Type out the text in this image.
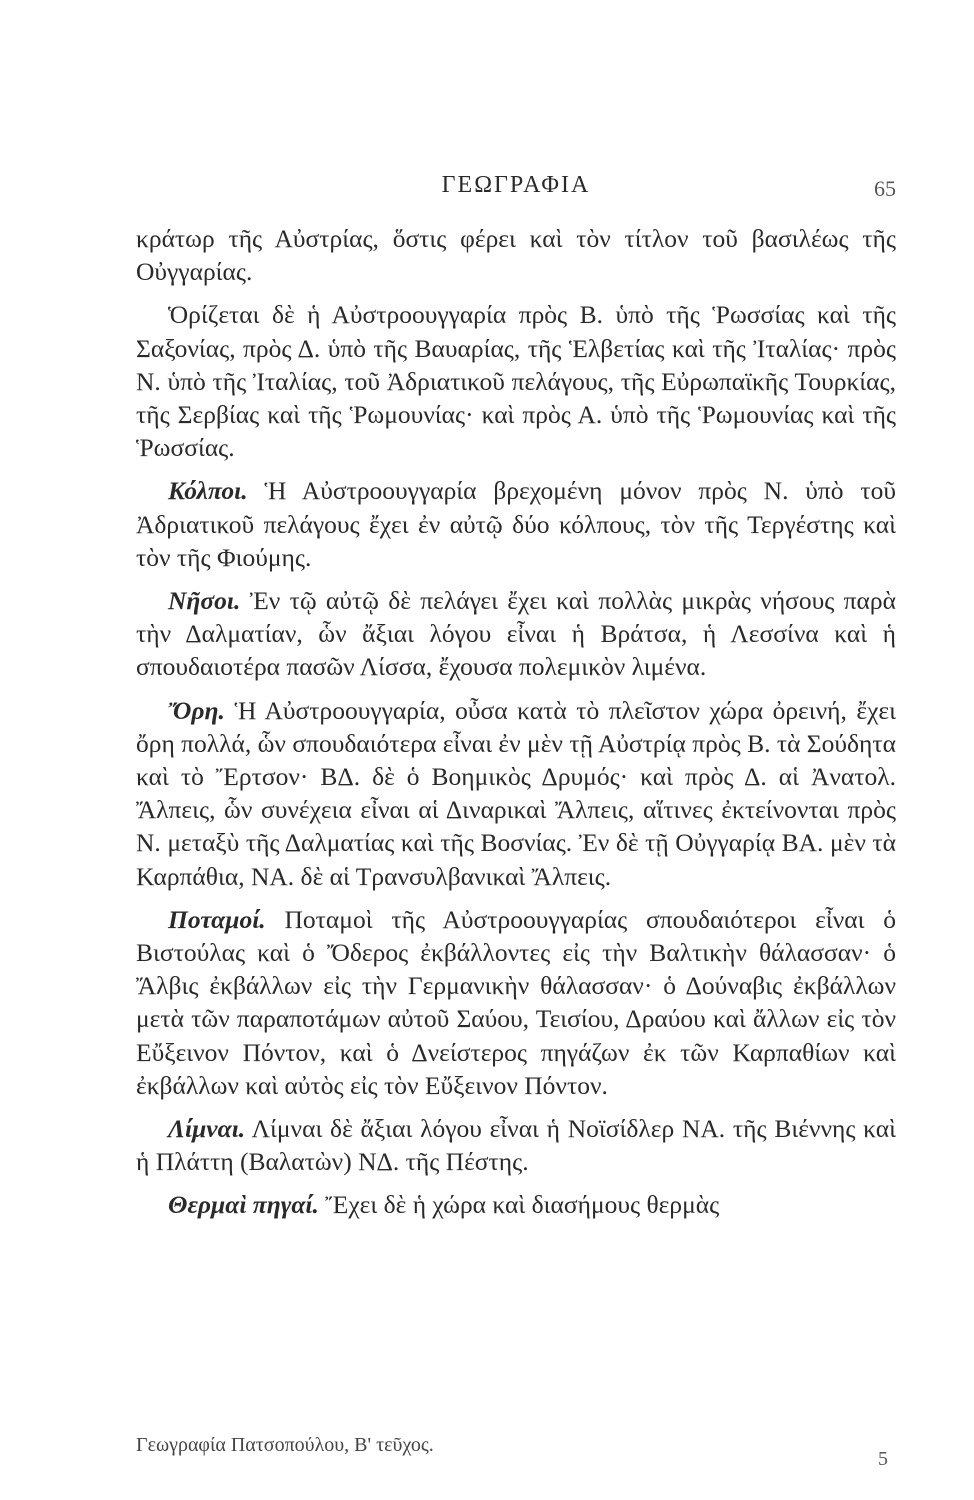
ΓΕΩΓΡΑΦΙΑ	65

κράτωρ τῆς Αὐστρίας, ὅστις φέρει καὶ τὸν τίτλον τοῦ βασιλέως τῆς Οὐγγαρίας.

Ὁρίζεται δὲ ἡ Αὐστροουγγαρία πρὸς Β. ὑπὸ τῆς Ῥωσσίας καὶ τῆς Σαξονίας, πρὸς Δ. ὑπὸ τῆς Βαυαρίας, τῆς Ἑλβετίας καὶ τῆς Ἰταλίας· πρὸς Ν. ὑπὸ τῆς Ἰταλίας, τοῦ Ἀδριατικοῦ πελάγους, τῆς Εὐρωπαϊκῆς Τουρκίας, τῆς Σερβίας καὶ τῆς Ῥωμουνίας· καὶ πρὸς Α. ὑπὸ τῆς Ῥωμουνίας καὶ τῆς Ῥωσσίας.

Κόλποι. Ἡ Αὐστροουγγαρία βρεχομένη μόνον πρὸς Ν. ὑπὸ τοῦ Ἀδριατικοῦ πελάγους ἔχει ἐν αὐτῷ δύο κόλπους, τὸν τῆς Τεργέστης καὶ τὸν τῆς Φιούμης.

Νῆσοι. Ἐν τῷ αὐτῷ δὲ πελάγει ἔχει καὶ πολλὰς μικρὰς νήσους παρὰ τὴν Δαλματίαν, ὧν ἄξιαι λόγου εἶναι ἡ Βράτσα, ἡ Λεσσίνα καὶ ἡ σπουδαιοτέρα πασῶν Λίσσα, ἔχουσα πολεμικὸν λιμένα.

Ὄρη. Ἡ Αὐστροουγγαρία, οὖσα κατὰ τὸ πλεῖστον χώρα ὀρεινή, ἔχει ὄρη πολλά, ὧν σπουδαιότερα εἶναι ἐν μὲν τῇ Αὐστρίᾳ πρὸς Β. τὰ Σούδητα καὶ τὸ Ἔρτσον· ΒΔ. δὲ ὁ Βοημικὸς Δρυμός· καὶ πρὸς Δ. αἱ Ἀνατολ. Ἄλπεις, ὧν συνέχεια εἶναι αἱ Διναρικαὶ Ἄλπεις, αἵτινες ἐκτείνονται πρὸς Ν. μεταξὺ τῆς Δαλματίας καὶ τῆς Βοσνίας. Ἐν δὲ τῇ Οὐγγαρίᾳ ΒΑ. μὲν τὰ Καρπάθια, ΝΑ. δὲ αἱ Τρανσυλβανικαὶ Ἄλπεις.

Ποταμοί. Ποταμοὶ τῆς Αὐστροουγγαρίας σπουδαιότεροι εἶναι ὁ Βιστούλας καὶ ὁ Ὄδερος ἐκβάλλοντες εἰς τὴν Βαλτικὴν θάλασσαν· ὁ Ἄλβις ἐκβάλλων εἰς τὴν Γερμανικὴν θάλασσαν· ὁ Δούναβις ἐκβάλλων μετὰ τῶν παραποτάμων αὐτοῦ Σαύου, Τεισίου, Δραύου καὶ ἄλλων εἰς τὸν Εὔξεινον Πόντον, καὶ ὁ Δνείστερος πηγάζων ἐκ τῶν Καρπαθίων καὶ ἐκβάλλων καὶ αὐτὸς εἰς τὸν Εὔξεινον Πόντον.

Λίμναι. Λίμναι δὲ ἄξιαι λόγου εἶναι ἡ Νοϊσίδλερ ΝΑ. τῆς Βιέννης καὶ ἡ Πλάττη (Βαλατὼν) ΝΔ. τῆς Πέστης.

Θερμαὶ πηγαί. Ἔχει δὲ ἡ χώρα καὶ διασήμους θερμὰς

Γεωγραφία Πατσοπούλου, Β' τεῦχος.
5
